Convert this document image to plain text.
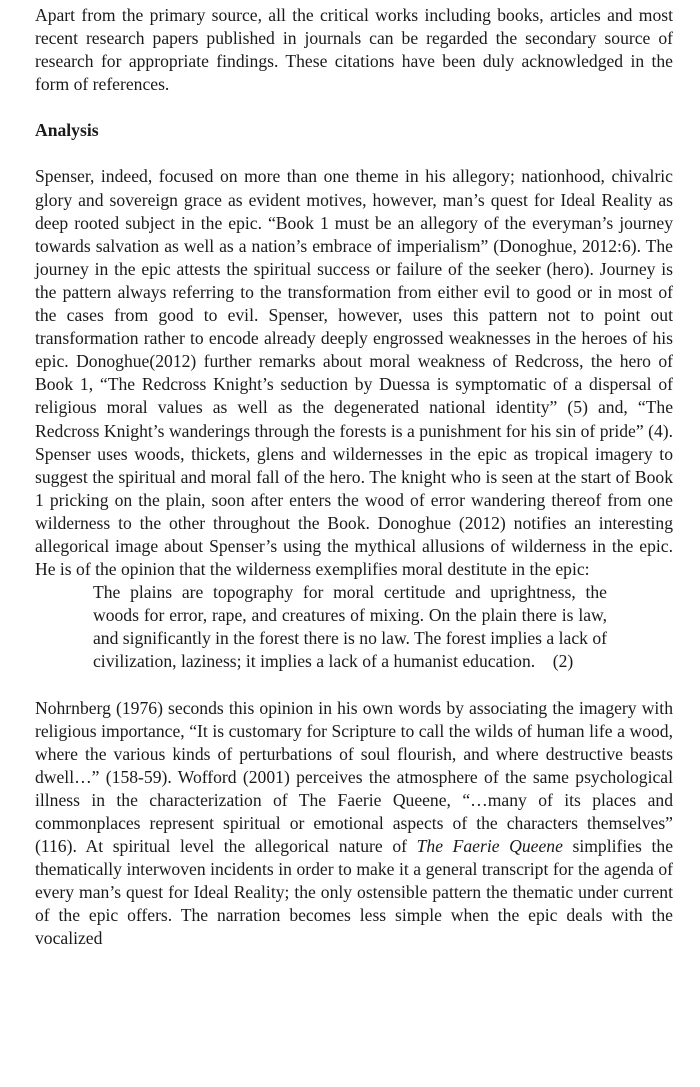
Apart from the primary source, all the critical works including books, articles and most recent research papers published in journals can be regarded the secondary source of research for appropriate findings. These citations have been duly acknowledged in the form of references.

Analysis

Spenser, indeed, focused on more than one theme in his allegory; nationhood, chivalric glory and sovereign grace as evident motives, however, man’s quest for Ideal Reality as deep rooted subject in the epic. “Book 1 must be an allegory of the everyman’s journey towards salvation as well as a nation’s embrace of imperialism” (Donoghue, 2012:6). The journey in the epic attests the spiritual success or failure of the seeker (hero). Journey is the pattern always referring to the transformation from either evil to good or in most of the cases from good to evil. Spenser, however, uses this pattern not to point out transformation rather to encode already deeply engrossed weaknesses in the heroes of his epic. Donoghue(2012) further remarks about moral weakness of Redcross, the hero of Book 1, “The Redcross Knight’s seduction by Duessa is symptomatic of a dispersal of religious moral values as well as the degenerated national identity” (5) and, “The Redcross Knight’s wanderings through the forests is a punishment for his sin of pride” (4). Spenser uses woods, thickets, glens and wildernesses in the epic as tropical imagery to suggest the spiritual and moral fall of the hero. The knight who is seen at the start of Book 1 pricking on the plain, soon after enters the wood of error wandering thereof from one wilderness to the other throughout the Book. Donoghue (2012) notifies an interesting allegorical image about Spenser’s using the mythical allusions of wilderness in the epic. He is of the opinion that the wilderness exemplifies moral destitute in the epic:

The plains are topography for moral certitude and uprightness, the woods for error, rape, and creatures of mixing. On the plain there is law, and significantly in the forest there is no law. The forest implies a lack of civilization, laziness; it implies a lack of a humanist education. (2)

Nohrnberg (1976) seconds this opinion in his own words by associating the imagery with religious importance, “It is customary for Scripture to call the wilds of human life a wood, where the various kinds of perturbations of soul flourish, and where destructive beasts dwell…” (158-59). Wofford (2001) perceives the atmosphere of the same psychological illness in the characterization of The Faerie Queene, “…many of its places and commonplaces represent spiritual or emotional aspects of the characters themselves” (116). At spiritual level the allegorical nature of The Faerie Queene simplifies the thematically interwoven incidents in order to make it a general transcript for the agenda of every man’s quest for Ideal Reality; the only ostensible pattern the thematic under current of the epic offers. The narration becomes less simple when the epic deals with the vocalized
